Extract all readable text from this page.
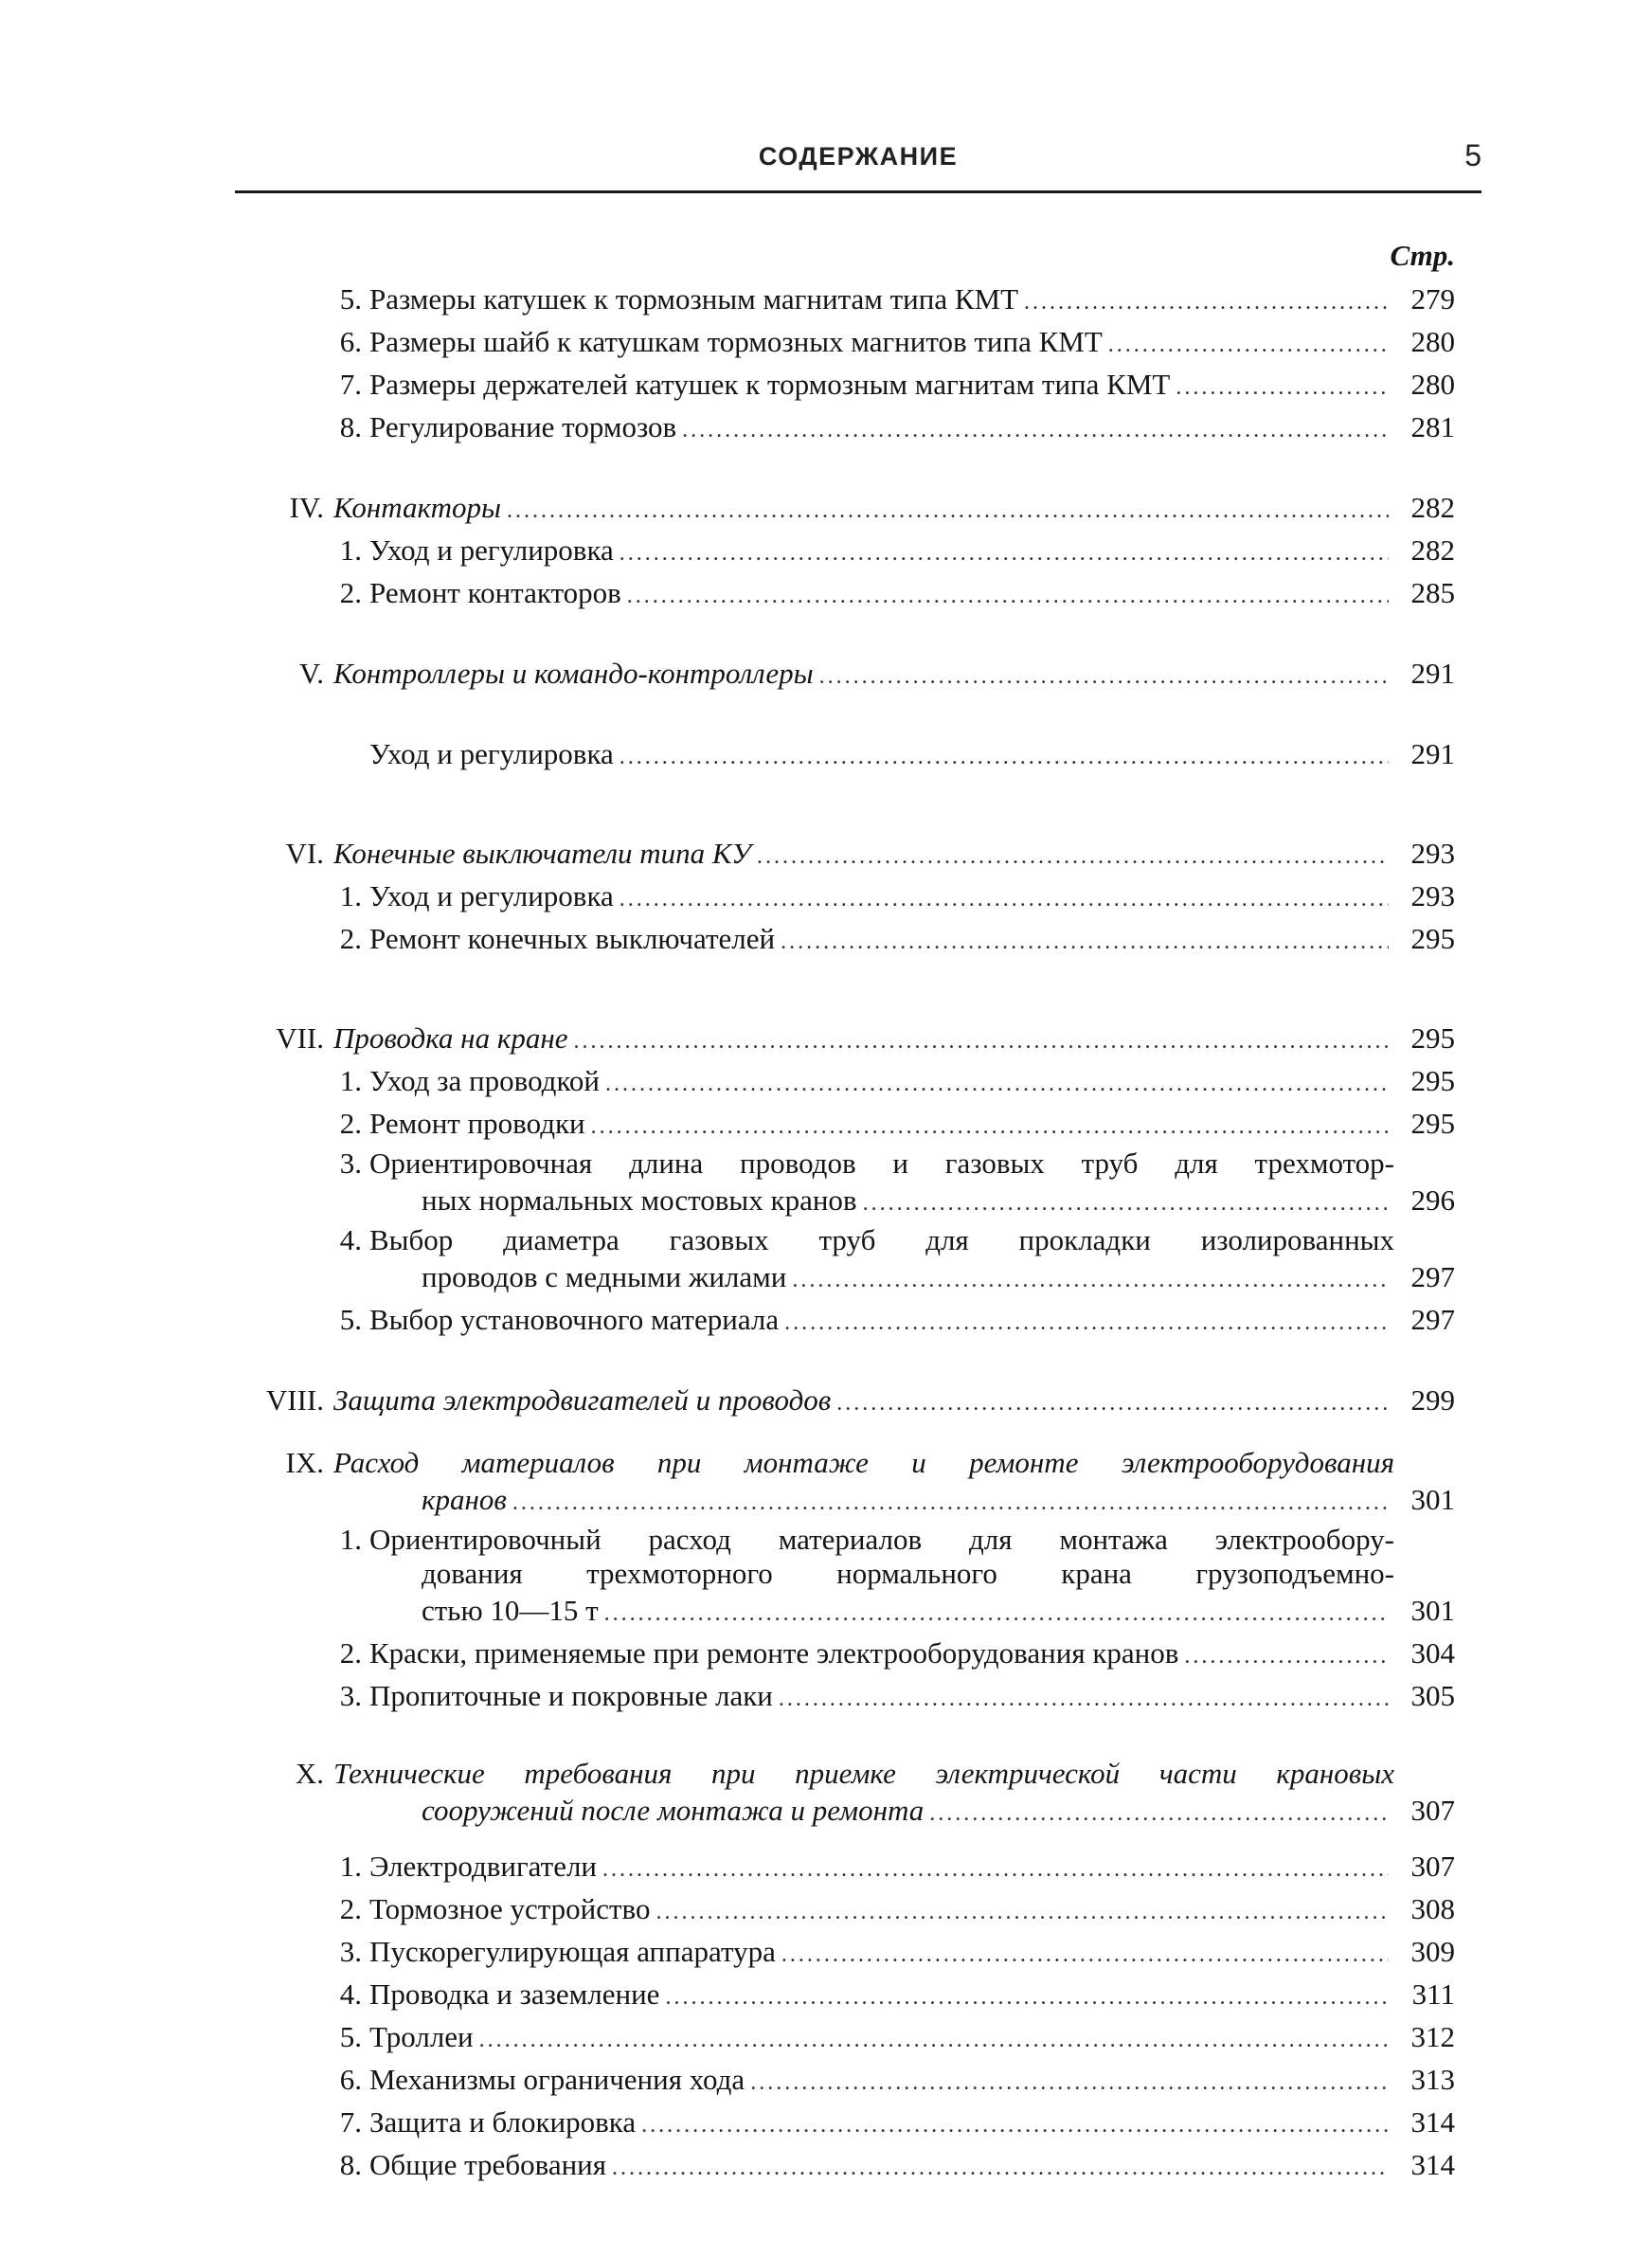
СОДЕРЖАНИЕ	5
Стр.
5. Размеры катушек к тормозным магнитам типа КМТ .....	279
6. Размеры шайб к катушкам тормозных магнитов типа КМТ .....	280
7. Размеры держателей катушек к тормозным магнитам типа КМТ .....	280
8. Регулирование тормозов .....	281
IV. Контакторы .....	282
1. Уход и регулировка .....	282
2. Ремонт контакторов .....	285
V. Контроллеры и командо-контроллеры .....	291
Уход и регулировка .....	291
VI. Конечные выключатели типа КУ .....	293
1. Уход и регулировка .....	293
2. Ремонт конечных выключателей .....	295
VII. Проводка на кране .....	295
1. Уход за проводкой .....	295
2. Ремонт проводки .....	295
3. Ориентировочная длина проводов и газовых труб для трехмотор-
ных нормальных мостовых кранов .....	296
4. Выбор диаметра газовых труб для прокладки изолированных
проводов с медными жилами .....	297
5. Выбор установочного материала .....	297
VIII. Защита электродвигателей и проводов .....	299
IX. Расход материалов при монтаже и ремонте электрооборудования
кранов .....	301
1. Ориентировочный расход материалов для монтажа электрообору-
дования трехмоторного нормального крана грузоподъемно-
стью 10—15 т .....	301
2. Краски, применяемые при ремонте электрооборудования кранов .....	304
3. Пропиточные и покровные лаки .....	305
X. Технические требования при приемке электрической части крановых
сооружений после монтажа и ремонта .....	307
1. Электродвигатели .....	307
2. Тормозное устройство .....	308
3. Пускорегулирующая аппаратура .....	309
4. Проводка и заземление .....	311
5. Троллеи .....	312
6. Механизмы ограничения хода .....	313
7. Защита и блокировка .....	314
8. Общие требования .....	314
